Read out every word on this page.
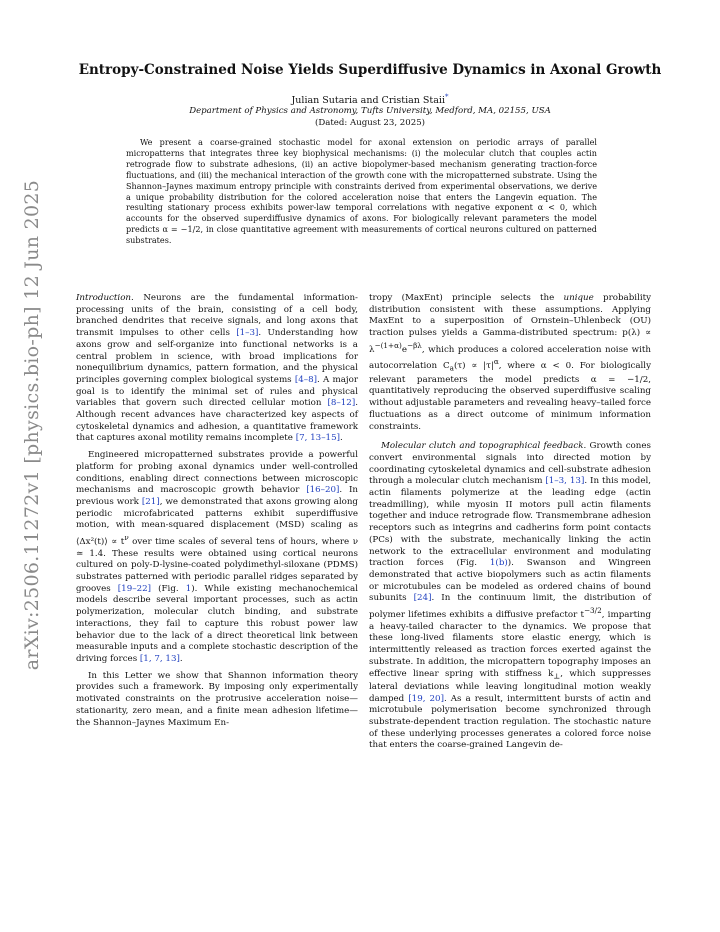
arXiv:2506.11272v1 [physics.bio-ph] 12 Jun 2025
Entropy-Constrained Noise Yields Superdiffusive Dynamics in Axonal Growth
Julian Sutaria and Cristian Staii*
Department of Physics and Astronomy, Tufts University, Medford, MA, 02155, USA
(Dated: August 23, 2025)
We present a coarse-grained stochastic model for axonal extension on periodic arrays of parallel micropatterns that integrates three key biophysical mechanisms: (i) the molecular clutch that couples actin retrograde flow to substrate adhesions, (ii) an active biopolymer-based mechanism generating traction-force fluctuations, and (iii) the mechanical interaction of the growth cone with the micropatterned substrate. Using the Shannon–Jaynes maximum entropy principle with constraints derived from experimental observations, we derive a unique probability distribution for the colored acceleration noise that enters the Langevin equation. The resulting stationary process exhibits power-law temporal correlations with negative exponent α < 0, which accounts for the observed superdiffusive dynamics of axons. For biologically relevant parameters the model predicts α = −1/2, in close quantitative agreement with measurements of cortical neurons cultured on patterned substrates.

Introduction. Neurons are the fundamental information-processing units of the brain, consisting of a cell body, branched dendrites that receive signals, and long axons that transmit impulses to other cells [1–3]. Understanding how axons grow and self-organize into functional networks is a central problem in science, with broad implications for nonequilibrium dynamics, pattern formation, and the physical principles governing complex biological systems [4–8]. A major goal is to identify the minimal set of rules and physical variables that govern such directed cellular motion [8–12]. Although recent advances have characterized key aspects of cytoskeletal dynamics and adhesion, a quantitative framework that captures axonal motility remains incomplete [7, 13–15].

Engineered micropatterned substrates provide a powerful platform for probing axonal dynamics under well-controlled conditions, enabling direct connections between microscopic mechanisms and macroscopic growth behavior [16–20]. In previous work [21], we demonstrated that axons growing along periodic microfabricated patterns exhibit superdiffusive motion, with mean-squared displacement (MSD) scaling as ⟨Δx²(t)⟩ ∝ $t^\nu$ over time scales of several tens of hours, where ν ≃ 1.4. These results were obtained using cortical neurons cultured on poly-D-lysine-coated polydimethyl-siloxane (PDMS) substrates patterned with periodic parallel ridges separated by grooves [19–22] (Fig. 1). While existing mechanochemical models describe several important processes, such as actin polymerization, molecular clutch binding, and substrate interactions, they fail to capture this robust power law behavior due to the lack of a direct theoretical link between measurable inputs and a complete stochastic description of the driving forces [1, 7, 13].

In this Letter we show that Shannon information theory provides such a framework. By imposing only experimentally motivated constraints on the protrusive acceleration noise—stationarity, zero mean, and a finite mean adhesion lifetime—the Shannon–Jaynes Maximum En-

tropy (MaxEnt) principle selects the unique probability distribution consistent with these assumptions. Applying MaxEnt to a superposition of Ornstein–Uhlenbeck (OU) traction pulses yields a Gamma-distributed spectrum: $p(\lambda) \propto \lambda^{-(1+\alpha)}e^{-\beta\lambda}$, which produces a colored acceleration noise with autocorrelation $C_a(\tau) \propto |\tau|^\alpha$, where α < 0. For biologically relevant parameters the model predicts α = −1/2, quantitatively reproducing the observed superdiffusive scaling without adjustable parameters and revealing heavy–tailed force fluctuations as a direct outcome of minimum information constraints.

Molecular clutch and topographical feedback. Growth cones convert environmental signals into directed motion by coordinating cytoskeletal dynamics and cell-substrate adhesion through a molecular clutch mechanism [1–3, 13]. In this model, actin filaments polymerize at the leading edge (actin treadmilling), while myosin II motors pull actin filaments together and induce retrograde flow. Transmembrane adhesion receptors such as integrins and cadherins form point contacts (PCs) with the substrate, mechanically linking the actin network to the extracellular environment and modulating traction forces (Fig. 1(b)). Swanson and Wingreen demonstrated that active biopolymers such as actin filaments or microtubules can be modeled as ordered chains of bound subunits [24]. In the continuum limit, the distribution of polymer lifetimes exhibits a diffusive prefactor $t^{-3/2}$, imparting a heavy-tailed character to the dynamics. We propose that these long-lived filaments store elastic energy, which is intermittently released as traction forces exerted against the substrate. In addition, the micropattern topography imposes an effective linear spring with stiffness $k_\perp$, which suppresses lateral deviations while leaving longitudinal motion weakly damped [19, 20]. As a result, intermittent bursts of actin and microtubule polymerisation become synchronized through substrate-dependent traction regulation. The stochastic nature of these underlying processes generates a colored force noise that enters the coarse-grained Langevin de-
